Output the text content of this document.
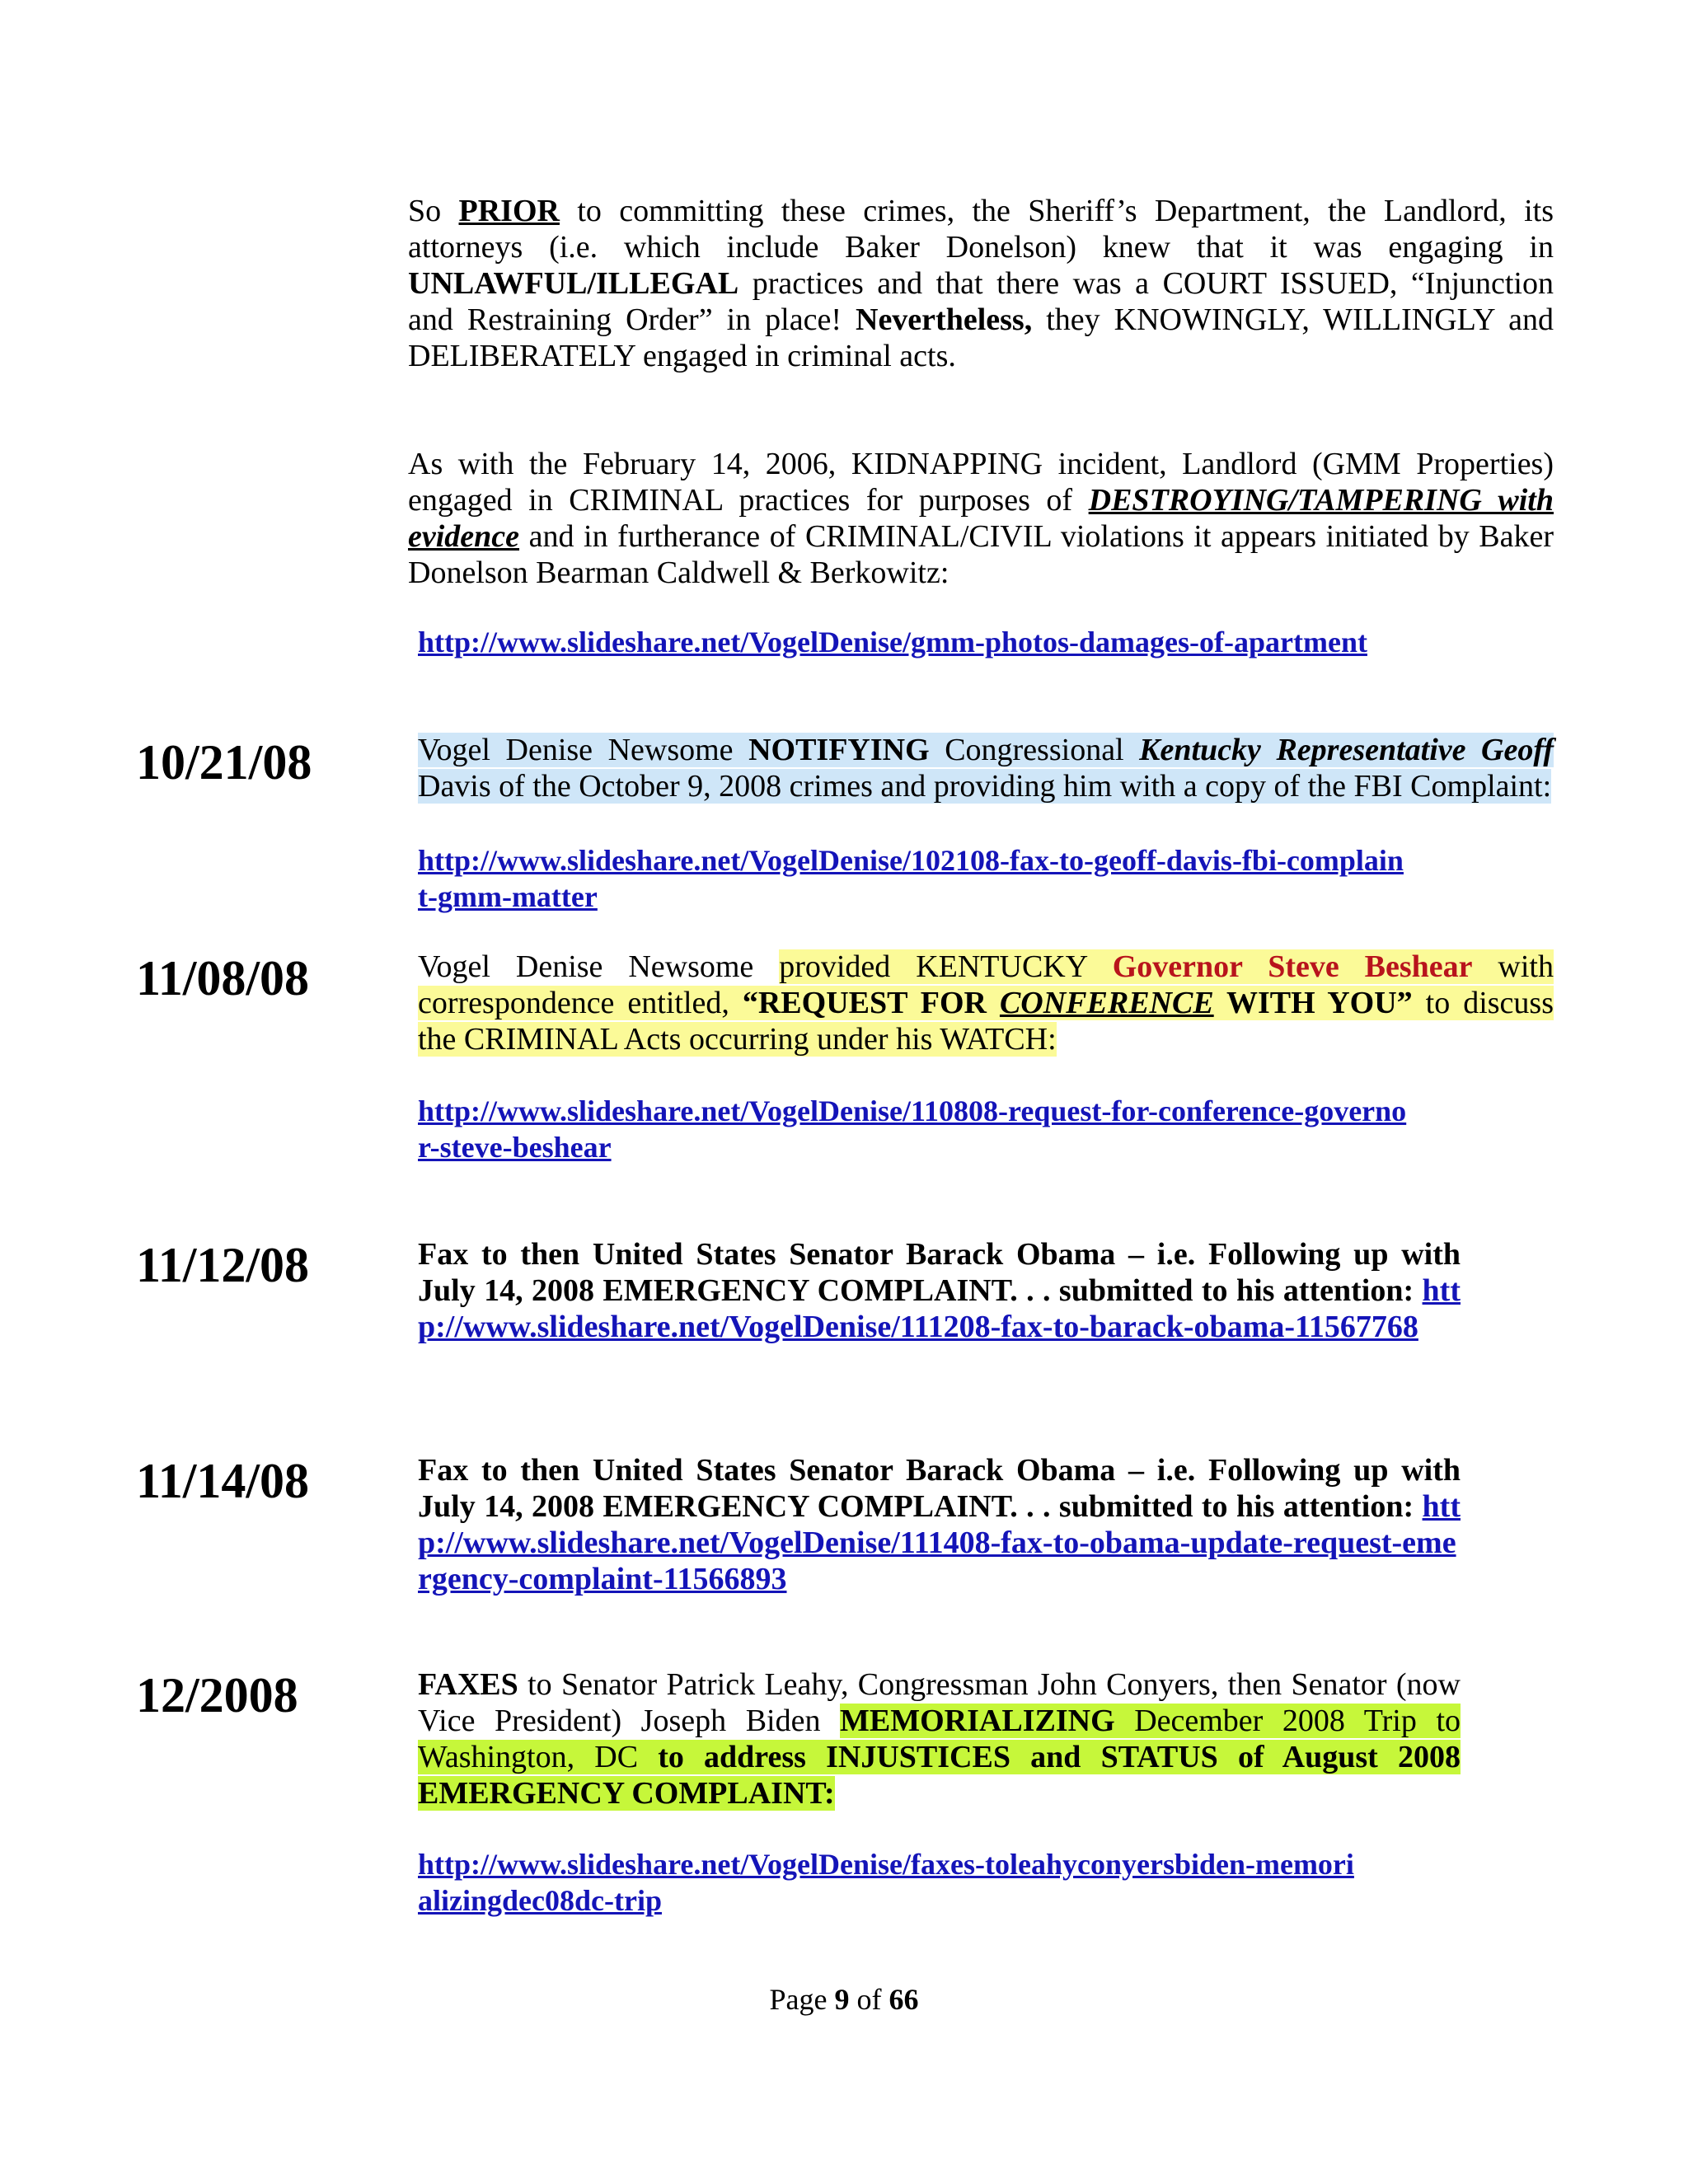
So PRIOR to committing these crimes, the Sheriff’s Department, the Landlord, its attorneys (i.e. which include Baker Donelson) knew that it was engaging in UNLAWFUL/ILLEGAL practices and that there was a COURT ISSUED, “Injunction and Restraining Order” in place! Nevertheless, they KNOWINGLY, WILLINGLY and DELIBERATELY engaged in criminal acts.
As with the February 14, 2006, KIDNAPPING incident, Landlord (GMM Properties) engaged in CRIMINAL practices for purposes of DESTROYING/TAMPERING with evidence and in furtherance of CRIMINAL/CIVIL violations it appears initiated by Baker Donelson Bearman Caldwell & Berkowitz:
http://www.slideshare.net/VogelDenise/gmm-photos-damages-of-apartment
10/21/08	Vogel Denise Newsome NOTIFYING Congressional Kentucky Representative Geoff Davis of the October 9, 2008 crimes and providing him with a copy of the FBI Complaint:
http://www.slideshare.net/VogelDenise/102108-fax-to-geoff-davis-fbi-complaint-gmm-matter
11/08/08	Vogel Denise Newsome provided KENTUCKY Governor Steve Beshear with correspondence entitled, “REQUEST FOR CONFERENCE WITH YOU” to discuss the CRIMINAL Acts occurring under his WATCH:
http://www.slideshare.net/VogelDenise/110808-request-for-conference-governor-steve-beshear
11/12/08	Fax to then United States Senator Barack Obama – i.e. Following up with July 14, 2008 EMERGENCY COMPLAINT. . . submitted to his attention: http://www.slideshare.net/VogelDenise/111208-fax-to-barack-obama-11567768
11/14/08	Fax to then United States Senator Barack Obama – i.e. Following up with July 14, 2008 EMERGENCY COMPLAINT. . . submitted to his attention: http://www.slideshare.net/VogelDenise/111408-fax-to-obama-update-request-emergency-complaint-11566893
12/2008	FAXES to Senator Patrick Leahy, Congressman John Conyers, then Senator (now Vice President) Joseph Biden MEMORIALIZING December 2008 Trip to Washington, DC to address INJUSTICES and STATUS of August 2008 EMERGENCY COMPLAINT:
http://www.slideshare.net/VogelDenise/faxes-toleahyconyersbiden-memorializingdec08dc-trip
Page 9 of 66
